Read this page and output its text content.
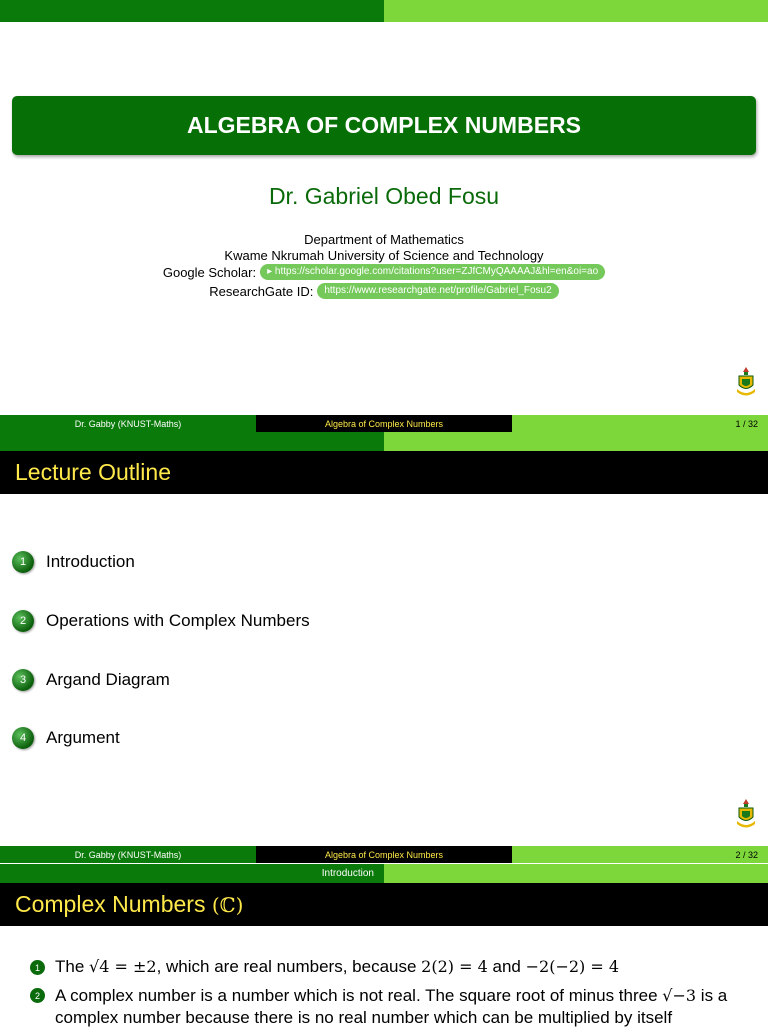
ALGEBRA OF COMPLEX NUMBERS
Dr. Gabriel Obed Fosu
Department of Mathematics
Kwame Nkrumah University of Science and Technology
Google Scholar:	▸ https://scholar.google.com/citations?user=ZJfCMyQAAAAJ&hl=en&oi=ao
ResearchGate ID:	https://www.researchgate.net/profile/Gabriel_Fosu2
Dr. Gabby (KNUST-Maths)	Algebra of Complex Numbers	1 / 32
Lecture Outline
1	Introduction
2	Operations with Complex Numbers
3	Argand Diagram
4	Argument
Dr. Gabby (KNUST-Maths)	Algebra of Complex Numbers	2 / 32
Introduction
Complex Numbers
(ℂ)
1 The √4 = ±2, which are real numbers, because 2(2) = 4 and −2(−2) = 4
2 A complex number is a number which is not real. The square root of minus three √−3 is a complex number because there is no real number which can be multiplied by itself
